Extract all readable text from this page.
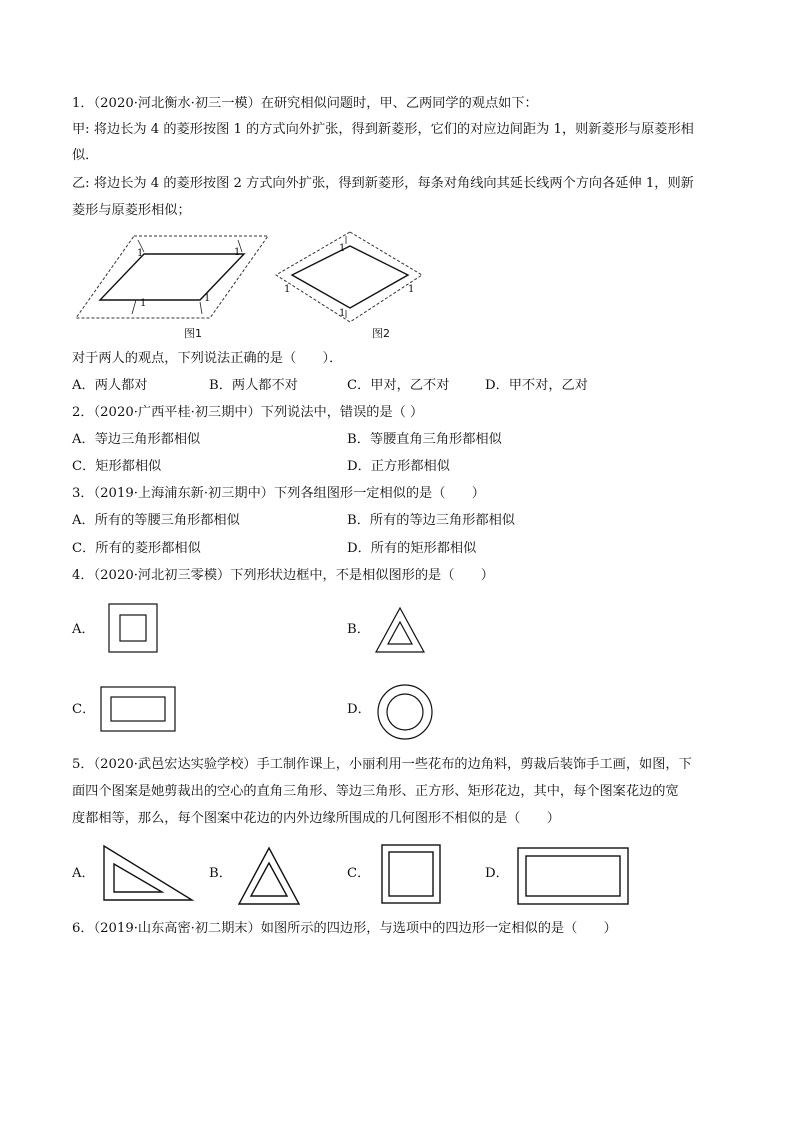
1．（2020·河北衡水·初三一模）在研究相似问题时，甲、乙两同学的观点如下：
甲: 将边长为 4 的菱形按图 1 的方式向外扩张，得到新菱形，它们的对应边间距为 1，则新菱形与原菱形相
似．
乙: 将边长为 4 的菱形按图 2 方式向外扩张，得到新菱形，每条对角线向其延长线两个方向各延伸 1，则新
菱形与原菱形相似；
1	1
1	1
图1
1
1	1
1
图2
对于两人的观点，下列说法正确的是（　　）．
A．两人都对	B．两人都不对	C．甲对，乙不对	D．甲不对，乙对
2．（2020·广西平桂·初三期中）下列说法中，错误的是（ ）
A．等边三角形都相似	B．等腰直角三角形都相似
C．矩形都相似	D．正方形都相似
3．（2019·上海浦东新·初三期中）下列各组图形一定相似的是（　　）
A．所有的等腰三角形都相似	B．所有的等边三角形都相似
C．所有的菱形都相似	D．所有的矩形都相似
4．（2020·河北初三零模）下列形状边框中，不是相似图形的是（　　）
A．	B．
C．	D．
5．（2020·武邑宏达实验学校）手工制作课上，小丽利用一些花布的边角料，剪裁后装饰手工画，如图，下
面四个图案是她剪裁出的空心的直角三角形、等边三角形、正方形、矩形花边，其中，每个图案花边的宽
度都相等，那么，每个图案中花边的内外边缘所围成的几何图形不相似的是（　　）
A．	B．	C．	D．
6．（2019·山东高密·初二期末）如图所示的四边形，与选项中的四边形一定相似的是（　　）
